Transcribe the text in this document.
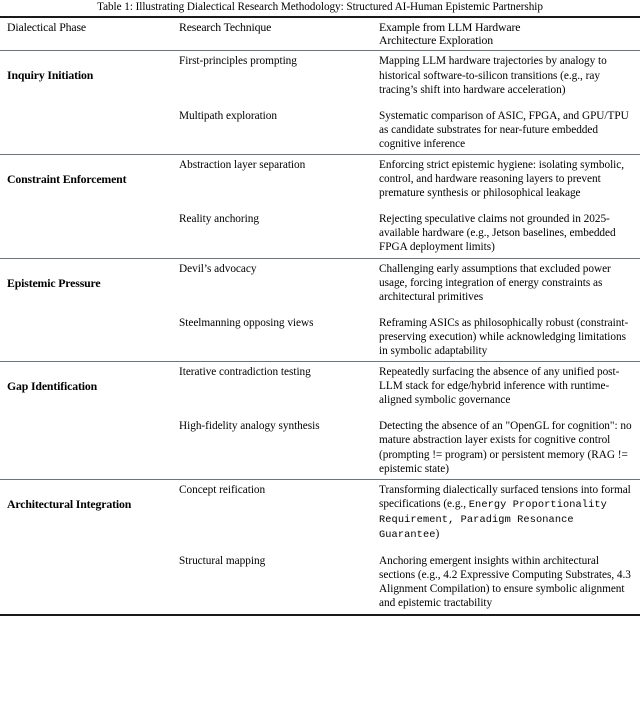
Table 1: Illustrating Dialectical Research Methodology: Structured AI-Human Epistemic Partnership

Dialectical Phase	Research Technique	Example from LLM Hardware
Architecture Exploration

Inquiry Initiation	First-principles prompting	Mapping LLM hardware trajectories by analogy to historical software-to-silicon transitions (e.g., ray tracing’s shift into hardware acceleration)

	Multipath exploration	Systematic comparison of ASIC, FPGA, and GPU/TPU as candidate substrates for near-future embedded cognitive inference

Constraint Enforcement	Abstraction layer separation	Enforcing strict epistemic hygiene: isolating symbolic, control, and hardware reasoning layers to prevent premature synthesis or philosophical leakage

	Reality anchoring	Rejecting speculative claims not grounded in 2025-available hardware (e.g., Jetson baselines, embedded FPGA deployment limits)

Epistemic Pressure	Devil’s advocacy	Challenging early assumptions that excluded power usage, forcing integration of energy constraints as architectural primitives

	Steelmanning opposing views	Reframing ASICs as philosophically robust (constraint-preserving execution) while acknowledging limitations in symbolic adaptability

Gap Identification	Iterative contradiction testing	Repeatedly surfacing the absence of any unified post-LLM stack for edge/hybrid inference with runtime-aligned symbolic governance

	High-fidelity analogy synthesis	Detecting the absence of an "OpenGL for cognition": no mature abstraction layer exists for cognitive control (prompting != program) or persistent memory (RAG != epistemic state)

Architectural Integration	Concept reification	Transforming dialectically surfaced tensions into formal specifications (e.g., Energy Proportionality Requirement, Paradigm Resonance Guarantee)

	Structural mapping	Anchoring emergent insights within architectural sections (e.g., 4.2 Expressive Computing Substrates, 4.3 Alignment Compilation) to ensure symbolic alignment and epistemic tractability
